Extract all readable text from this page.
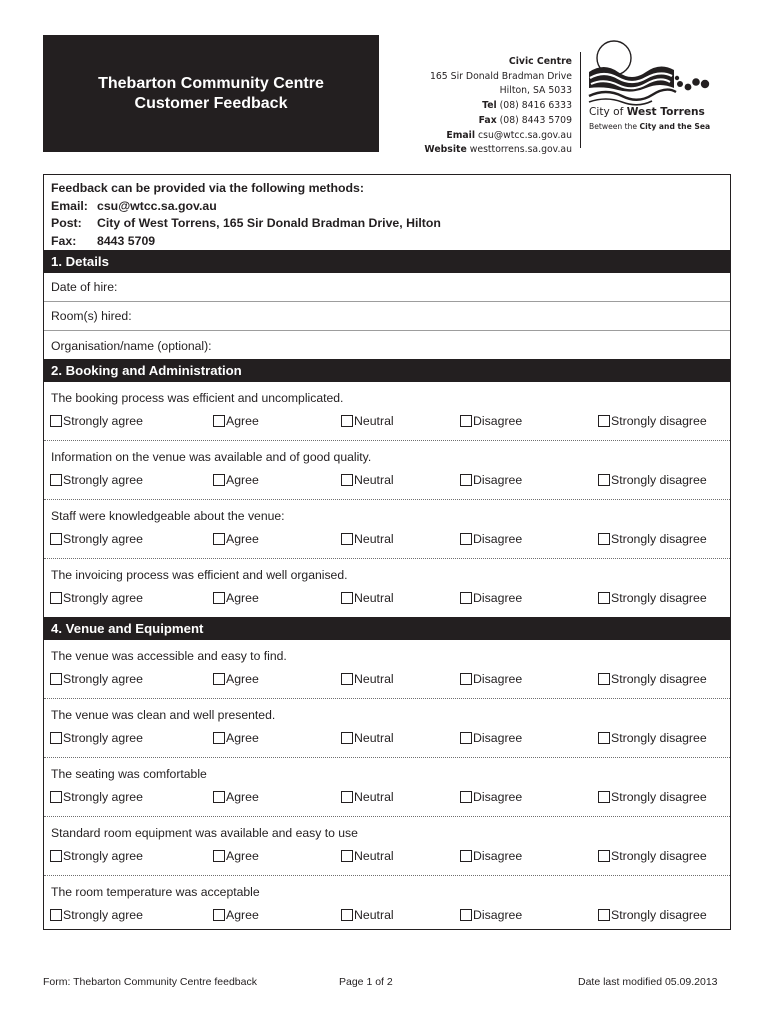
Thebarton Community Centre
Customer Feedback
Civic Centre
165 Sir Donald Bradman Drive
Hilton, SA 5033
Tel (08) 8416 6333
Fax (08) 8443 5709
Email csu@wtcc.sa.gov.au
Website westtorrens.sa.gov.au
City of West Torrens
Between the City and the Sea
Feedback can be provided via the following methods:
Email: csu@wtcc.sa.gov.au
Post: City of West Torrens, 165 Sir Donald Bradman Drive, Hilton
Fax: 8443 5709
1. Details
Date of hire:
Room(s) hired:
Organisation/name (optional):
2. Booking and Administration
The booking process was efficient and uncomplicated.
Strongly agree	Agree	Neutral	Disagree	Strongly disagree
Information on the venue was available and of good quality.
Strongly agree	Agree	Neutral	Disagree	Strongly disagree
Staff were knowledgeable about the venue:
Strongly agree	Agree	Neutral	Disagree	Strongly disagree
The invoicing process was efficient and well organised.
Strongly agree	Agree	Neutral	Disagree	Strongly disagree
4. Venue and Equipment
The venue was accessible and easy to find.
Strongly agree	Agree	Neutral	Disagree	Strongly disagree
The venue was clean and well presented.
Strongly agree	Agree	Neutral	Disagree	Strongly disagree
The seating was comfortable
Strongly agree	Agree	Neutral	Disagree	Strongly disagree
Standard room equipment was available and easy to use
Strongly agree	Agree	Neutral	Disagree	Strongly disagree
The room temperature was acceptable
Strongly agree	Agree	Neutral	Disagree	Strongly disagree
Form: Thebarton Community Centre feedback	Page 1 of 2	Date last modified 05.09.2013
